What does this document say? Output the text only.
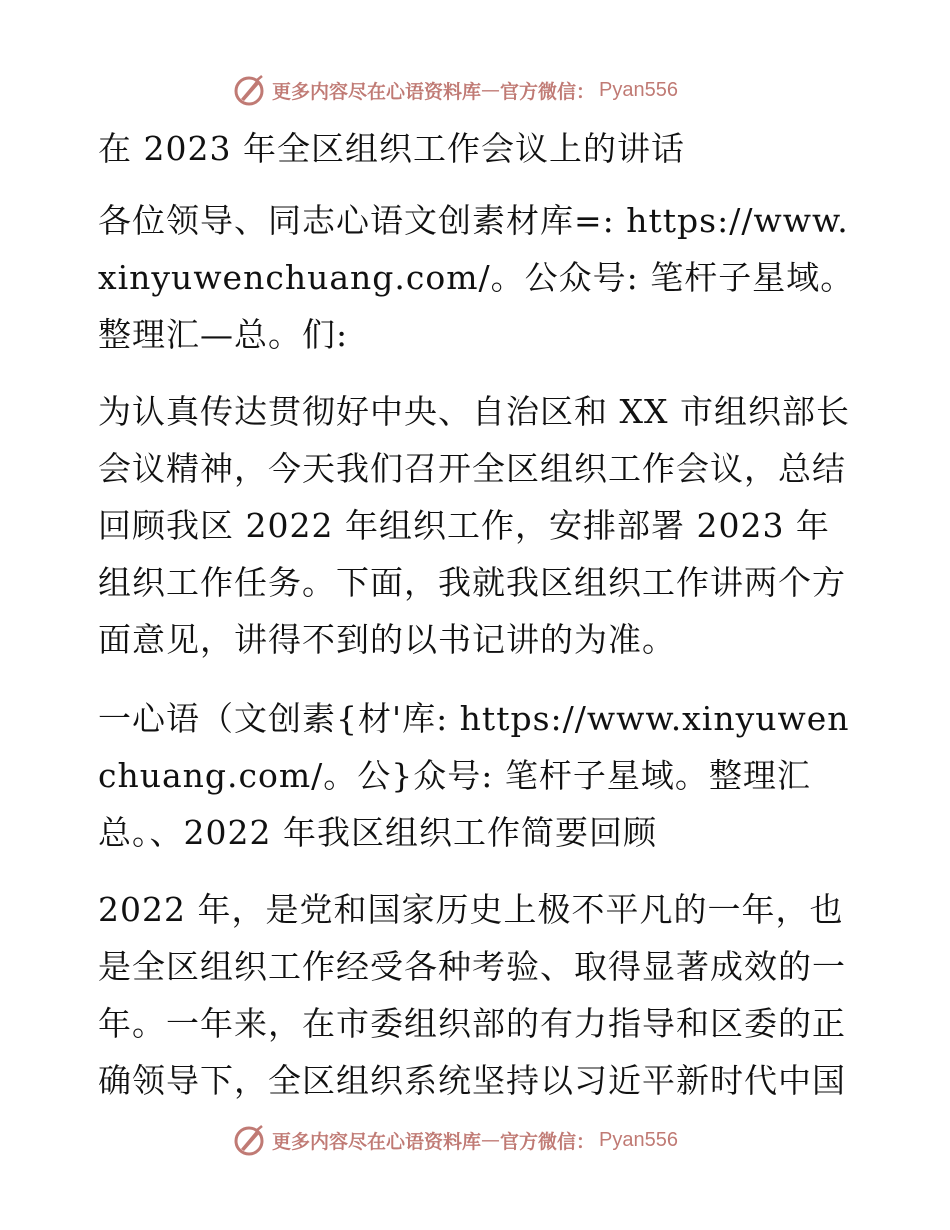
更多内容尽在心语资料库 — 官方微信： Pyan556

在 2023 年全区组织工作会议上的讲话

各位领导、同志心语文创素材库=: https://www.xinyuwenchuang.com/。公众号: 笔杆子星域。整理汇—总。们:

为认真传达贯彻好中央、自治区和 XX 市组织部长会议精神，今天我们召开全区组织工作会议，总结回顾我区 2022 年组织工作，安排部署 2023 年组织工作任务。下面，我就我区组织工作讲两个方面意见，讲得不到的以书记讲的为准。

一心语（文创素{材'库: https://www.xinyuwenchuang.com/。公}众号: 笔杆子星域。整理汇总。、2022 年我区组织工作简要回顾

2022 年，是党和国家历史上极不平凡的一年，也是全区组织工作经受各种考验、取得显著成效的一年。一年来，在市委组织部的有力指导和区委的正确领导下，全区组织系统坚持以习近平新时代中国

更多内容尽在心语资料库 — 官方微信： Pyan556
